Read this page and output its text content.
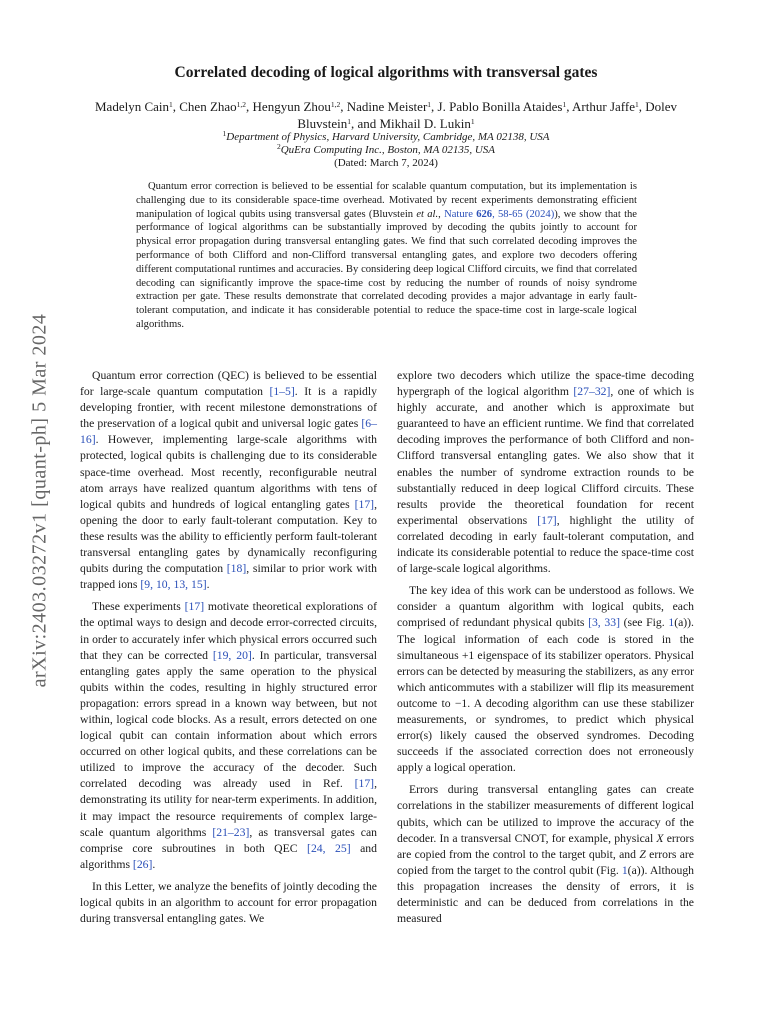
arXiv:2403.03272v1 [quant-ph] 5 Mar 2024
Correlated decoding of logical algorithms with transversal gates
Madelyn Cain$^1$, Chen Zhao$^{1,2}$, Hengyun Zhou$^{1,2}$, Nadine Meister$^1$, J. Pablo Bonilla Ataides$^1$, Arthur Jaffe$^1$, Dolev Bluvstein$^1$, and Mikhail D. Lukin$^1$
$^1$Department of Physics, Harvard University, Cambridge, MA 02138, USA
$^2$QuEra Computing Inc., Boston, MA 02135, USA
(Dated: March 7, 2024)
Quantum error correction is believed to be essential for scalable quantum computation, but its implementation is challenging due to its considerable space-time overhead. Motivated by recent experiments demonstrating efficient manipulation of logical qubits using transversal gates (Bluvstein et al., Nature 626, 58-65 (2024)), we show that the performance of logical algorithms can be substantially improved by decoding the qubits jointly to account for physical error propagation during transversal entangling gates. We find that such correlated decoding improves the performance of both Clifford and non-Clifford transversal entangling gates, and explore two decoders offering different computational runtimes and accuracies. By considering deep logical Clifford circuits, we find that correlated decoding can significantly improve the space-time cost by reducing the number of rounds of noisy syndrome extraction per gate. These results demonstrate that correlated decoding provides a major advantage in early fault-tolerant computation, and indicate it has considerable potential to reduce the space-time cost in large-scale logical algorithms.

Quantum error correction (QEC) is believed to be essential for large-scale quantum computation [1–5]. It is a rapidly developing frontier, with recent milestone demonstrations of the preservation of a logical qubit and universal logic gates [6–16]. However, implementing large-scale algorithms with protected, logical qubits is challenging due to its considerable space-time overhead. Most recently, reconfigurable neutral atom arrays have realized quantum algorithms with tens of logical qubits and hundreds of logical entangling gates [17], opening the door to early fault-tolerant computation. Key to these results was the ability to efficiently perform fault-tolerant transversal entangling gates by dynamically reconfiguring qubits during the computation [18], similar to prior work with trapped ions [9, 10, 13, 15].

These experiments [17] motivate theoretical explorations of the optimal ways to design and decode error-corrected circuits, in order to accurately infer which physical errors occurred such that they can be corrected [19, 20]. In particular, transversal entangling gates apply the same operation to the physical qubits within the codes, resulting in highly structured error propagation: errors spread in a known way between, but not within, logical code blocks. As a result, errors detected on one logical qubit can contain information about which errors occurred on other logical qubits, and these correlations can be utilized to improve the accuracy of the decoder. Such correlated decoding was already used in Ref. [17], demonstrating its utility for near-term experiments. In addition, it may impact the resource requirements of complex large-scale quantum algorithms [21–23], as transversal gates can comprise core subroutines in both QEC [24, 25] and algorithms [26].

In this Letter, we analyze the benefits of jointly decoding the logical qubits in an algorithm to account for error propagation during transversal entangling gates. We

explore two decoders which utilize the space-time decoding hypergraph of the logical algorithm [27–32], one of which is highly accurate, and another which is approximate but guaranteed to have an efficient runtime. We find that correlated decoding improves the performance of both Clifford and non-Clifford transversal entangling gates. We also show that it enables the number of syndrome extraction rounds to be substantially reduced in deep logical Clifford circuits. These results provide the theoretical foundation for recent experimental observations [17], highlight the utility of correlated decoding in early fault-tolerant computation, and indicate its considerable potential to reduce the space-time cost of large-scale logical algorithms.

The key idea of this work can be understood as follows. We consider a quantum algorithm with logical qubits, each comprised of redundant physical qubits [3, 33] (see Fig. 1(a)). The logical information of each code is stored in the simultaneous +1 eigenspace of its stabilizer operators. Physical errors can be detected by measuring the stabilizers, as any error which anticommutes with a stabilizer will flip its measurement outcome to −1. A decoding algorithm can use these stabilizer measurements, or syndromes, to predict which physical error(s) likely caused the observed syndromes. Decoding succeeds if the associated correction does not erroneously apply a logical operation.

Errors during transversal entangling gates can create correlations in the stabilizer measurements of different logical qubits, which can be utilized to improve the accuracy of the decoder. In a transversal CNOT, for example, physical X errors are copied from the control to the target qubit, and Z errors are copied from the target to the control qubit (Fig. 1(a)). Although this propagation increases the density of errors, it is deterministic and can be deduced from correlations in the measured
